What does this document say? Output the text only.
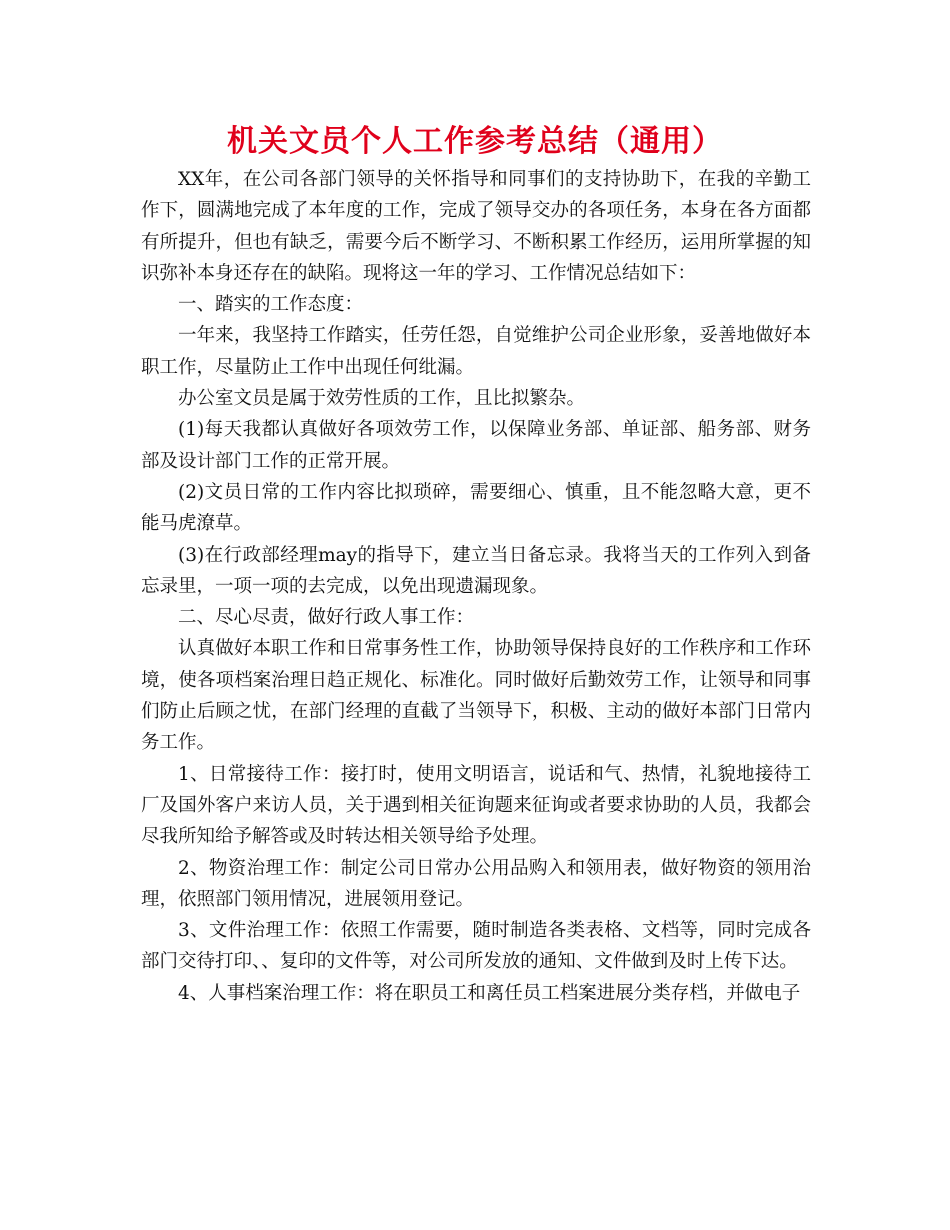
机关文员个人工作参考总结（通用）

XX年，在公司各部门领导的关怀指导和同事们的支持协助下，在我的辛勤工作下，圆满地完成了本年度的工作，完成了领导交办的各项任务，本身在各方面都有所提升，但也有缺乏，需要今后不断学习、不断积累工作经历，运用所掌握的知识弥补本身还存在的缺陷。现将这一年的学习、工作情况总结如下：

一、踏实的工作态度：

一年来，我坚持工作踏实，任劳任怨，自觉维护公司企业形象，妥善地做好本职工作，尽量防止工作中出现任何纰漏。

办公室文员是属于效劳性质的工作，且比拟繁杂。

(1)每天我都认真做好各项效劳工作，以保障业务部、单证部、船务部、财务部及设计部门工作的正常开展。

(2)文员日常的工作内容比拟琐碎，需要细心、慎重，且不能忽略大意，更不能马虎潦草。

(3)在行政部经理may的指导下，建立当日备忘录。我将当天的工作列入到备忘录里，一项一项的去完成，以免出现遗漏现象。

二、尽心尽责，做好行政人事工作：

认真做好本职工作和日常事务性工作，协助领导保持良好的工作秩序和工作环境，使各项档案治理日趋正规化、标准化。同时做好后勤效劳工作，让领导和同事们防止后顾之忧，在部门经理的直截了当领导下，积极、主动的做好本部门日常内务工作。

1、日常接待工作：接打时，使用文明语言，说话和气、热情，礼貌地接待工厂及国外客户来访人员，关于遇到相关征询题来征询或者要求协助的人员，我都会尽我所知给予解答或及时转达相关领导给予处理。

2、物资治理工作：制定公司日常办公用品购入和领用表，做好物资的领用治理，依照部门领用情况，进展领用登记。

3、文件治理工作：依照工作需要，随时制造各类表格、文档等，同时完成各部门交待打印、、复印的文件等，对公司所发放的通知、文件做到及时上传下达。

4、人事档案治理工作：将在职员工和离任员工档案进展分类存档，并做电子
